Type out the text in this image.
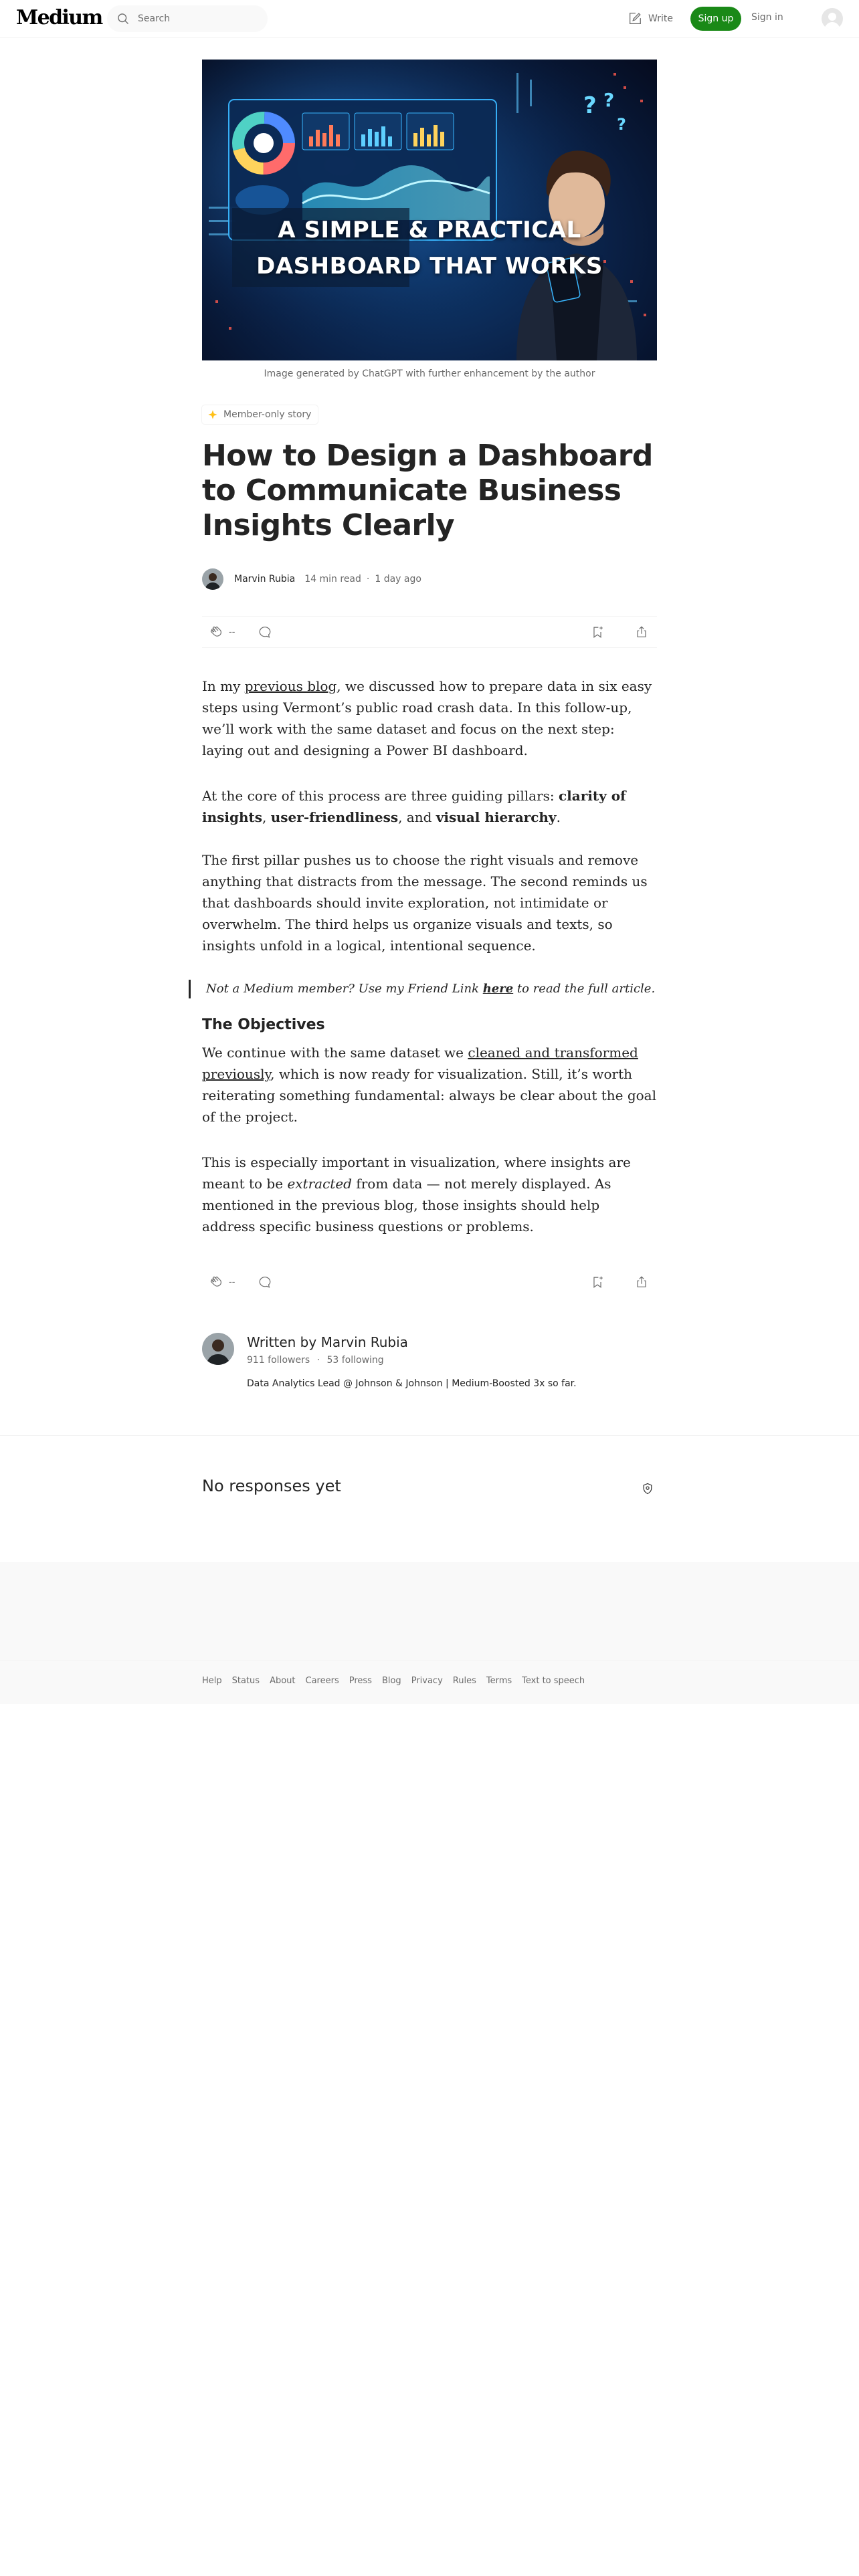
Medium
Search	Write	Sign up	Sign in
? ?
?
A SIMPLE & PRACTICAL
DASHBOARD THAT WORKS
Image generated by ChatGPT with further enhancement by the author
Member-only story
How to Design a Dashboard to Communicate Business Insights Clearly
Marvin Rubia 14 min read · 1 day ago
--

In my previous blog, we discussed how to prepare data in six easy steps using Vermont’s public road crash data. In this follow-up, we’ll work with the same dataset and focus on the next step: laying out and designing a Power BI dashboard.

At the core of this process are three guiding pillars: clarity of insights, user-friendliness, and visual hierarchy.

The first pillar pushes us to choose the right visuals and remove anything that distracts from the message. The second reminds us that dashboards should invite exploration, not intimidate or overwhelm. The third helps us organize visuals and texts, so insights unfold in a logical, intentional sequence.

Not a Medium member? Use my Friend Link here to read the full article.
The Objectives

We continue with the same dataset we cleaned and transformed previously, which is now ready for visualization. Still, it’s worth reiterating something fundamental: always be clear about the goal of the project.

This is especially important in visualization, where insights are meant to be extracted from data — not merely displayed. As mentioned in the previous blog, those insights should help address specific business questions or problems.

--
Written by Marvin Rubia
911 followers · 53 following
Data Analytics Lead @ Johnson & Johnson | Medium-Boosted 3x so far.
No responses yet
Help Status About Careers Press Blog Privacy Rules Terms Text to speech
